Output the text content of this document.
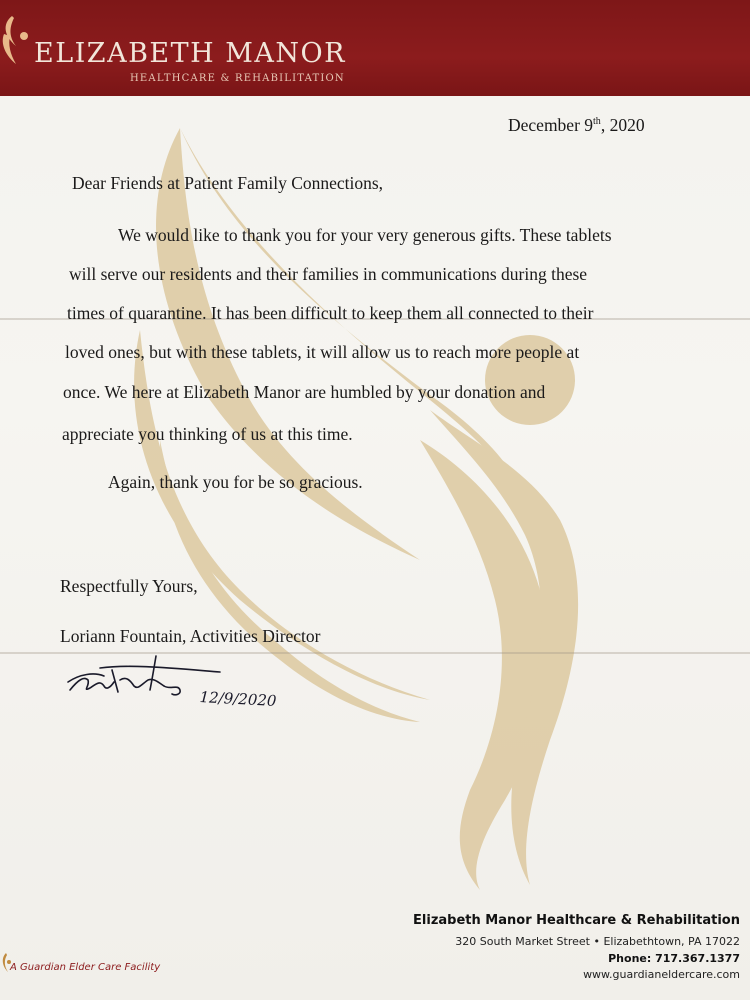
ELIZABETH MANOR
HEALTHCARE & REHABILITATION
December 9th, 2020
Dear Friends at Patient Family Connections,
We would like to thank you for your very generous gifts. These tablets
will serve our residents and their families in communications during these
times of quarantine. It has been difficult to keep them all connected to their
loved ones, but with these tablets, it will allow us to reach more people at
once. We here at Elizabeth Manor are humbled by your donation and
appreciate you thinking of us at this time.
Again, thank you for be so gracious.
Respectfully Yours,
Loriann Fountain, Activities Director
12/9/2020
Elizabeth Manor Healthcare & Rehabilitation
320 South Market Street • Elizabethtown, PA 17022
Phone: 717.367.1377
www.guardianeldercare.com
A Guardian Elder Care Facility
